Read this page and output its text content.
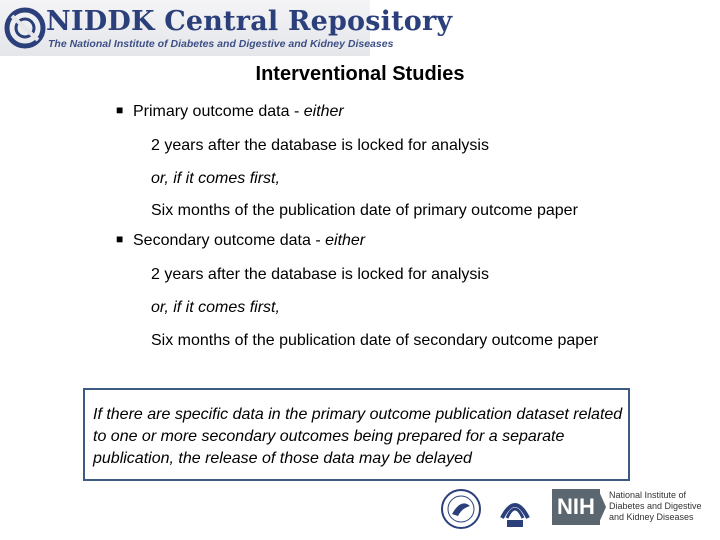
NIDDK Central Repository
The National Institute of Diabetes and Digestive and Kidney Diseases
Interventional Studies
■ Primary outcome data - either
2 years after the database is locked for analysis
or, if it comes first,
Six months of the publication date of primary outcome paper
■ Secondary outcome data - either
2 years after the database is locked for analysis
or, if it comes first,
Six months of the publication date of secondary outcome paper
If there are specific data in the primary outcome publication dataset related to one or more secondary outcomes being prepared for a separate publication, the release of those data may be delayed
NIH	National Institute of
Diabetes and Digestive
and Kidney Diseases
